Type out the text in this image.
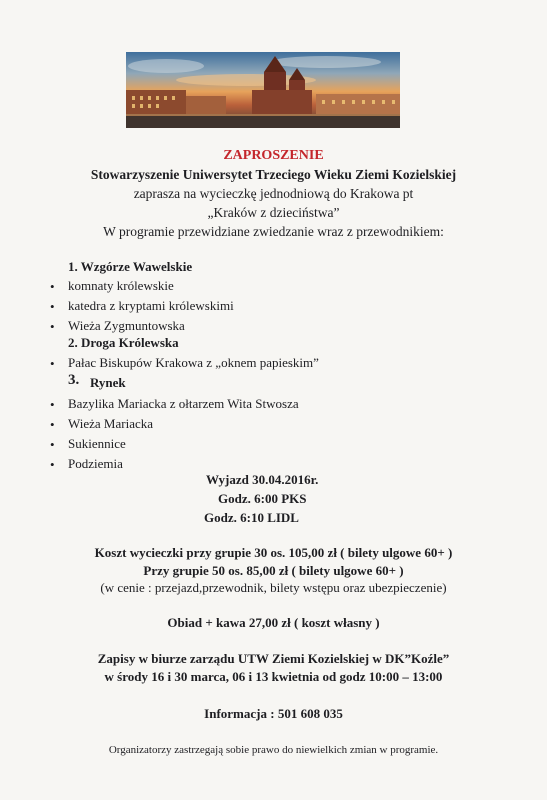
ZAPROSZENIE
Stowarzyszenie Uniwersytet Trzeciego Wieku Ziemi Kozielskiej
zaprasza na wycieczkę jednodniową do Krakowa pt
„Kraków z dzieciństwa”
W programie przewidziane zwiedzanie wraz z przewodnikiem:
1. Wzgórze Wawelskie
• komnaty królewskie
• katedra z kryptami królewskimi
• Wieża Zygmuntowska
2. Droga Królewska
• Pałac Biskupów Krakowa z „oknem papieskim”
3. Rynek
• Bazylika Mariacka z ołtarzem Wita Stwosza
• Wieża Mariacka
• Sukiennice
• Podziemia
Wyjazd 30.04.2016r.
Godz. 6:00 PKS
Godz. 6:10 LIDL
Koszt wycieczki przy grupie 30 os. 105,00 zł ( bilety ulgowe 60+ )
Przy grupie 50 os. 85,00 zł ( bilety ulgowe 60+ )
(w cenie : przejazd,przewodnik, bilety wstępu oraz ubezpieczenie)
Obiad + kawa 27,00 zł ( koszt własny )
Zapisy w biurze zarządu UTW Ziemi Kozielskiej w DK”Koźle”
w środy 16 i 30 marca, 06 i 13 kwietnia od godz 10:00 – 13:00
Informacja : 501 608 035
Organizatorzy zastrzegają sobie prawo do niewielkich zmian w programie.
